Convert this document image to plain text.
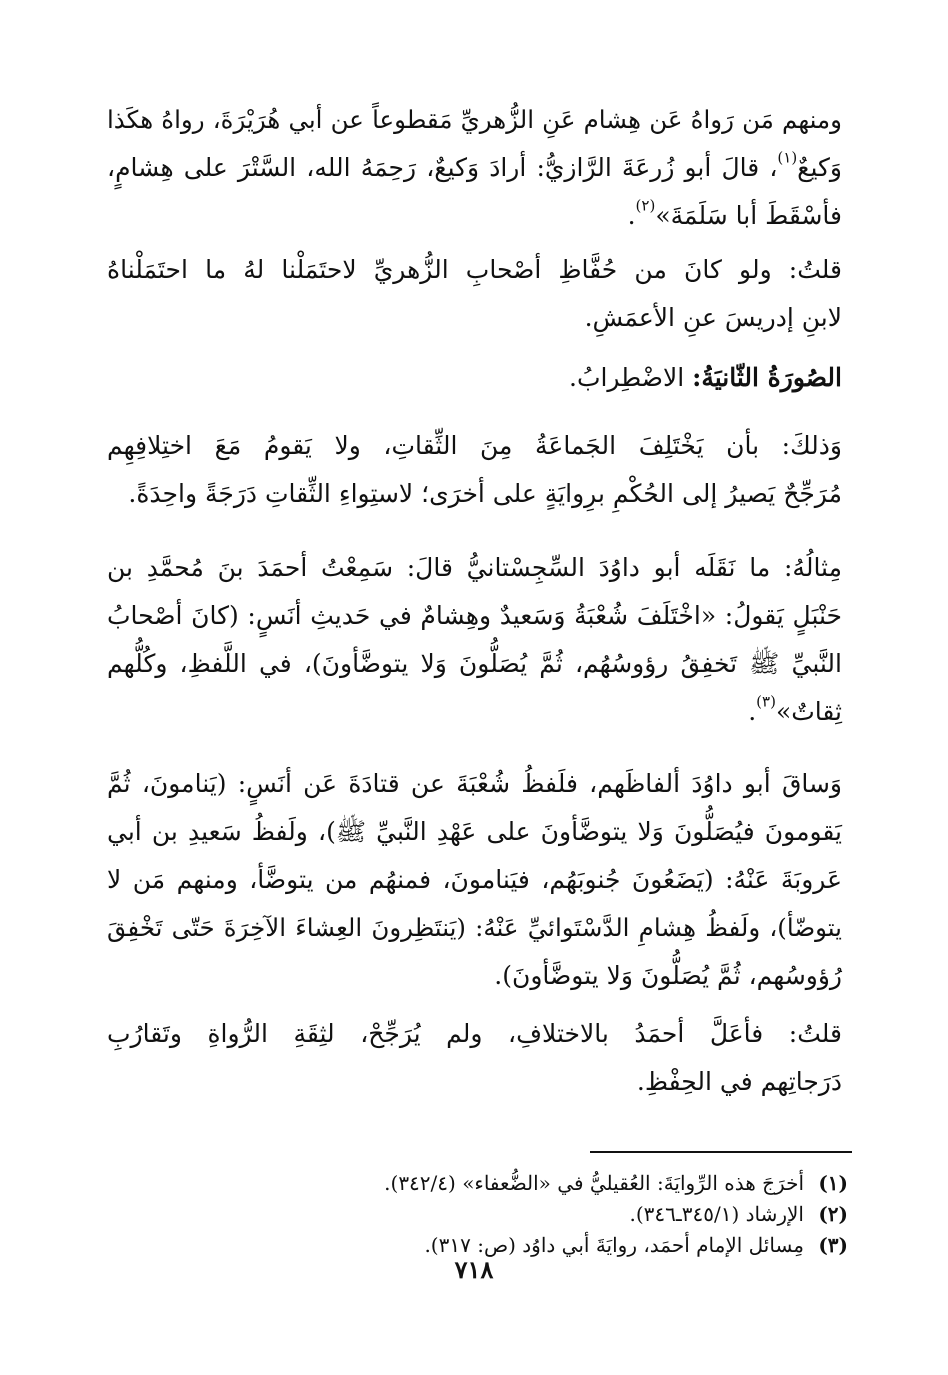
ومنهم مَن رَواهُ عَن هِشام عَنِ الزُّهريِّ مَقطوعاً عن أبي هُرَيْرَةَ، رواهُ هكَذا
وَكيعٌ$^{(١)}$، قالَ أبو زُرعَةَ الرَّازيُّ: أرادَ وَكيعٌ، رَحِمَهُ الله، السَّتْرَ على هِشامٍ،
فأسْقَطَ أبا سَلَمَةَ»$^{(٢)}$.
قلتُ: ولو كانَ من حُفَّاظِ أصْحابِ الزُّهريِّ لاحتَمَلْنا لهُ ما احتَمَلْناهُ
لابنِ إدريسَ عنِ الأعمَشِ.
الصُورَةُ الثّانيَةُ: الاضْطِرابُ.
وَذلكَ: بأن يَخْتَلِفَ الجَماعَةُ مِنَ الثِّقاتِ، ولا يَقومُ مَعَ اختِلافِهِم
مُرَجِّحٌ يَصيرُ إلى الحُكْمِ برِوايَةٍ على أخرَى؛ لاستِواءِ الثِّقاتِ دَرَجَةً واحِدَةً.
مِثالُهُ: ما نَقَلَه أبو داوُدَ السِّجِسْتانيُّ قالَ: سَمِعْتُ أحمَدَ بنَ مُحمَّدِ بن
حَنْبَلٍ يَقولُ: «اخْتَلَفَ شُعْبَةُ وَسَعيدٌ وهِشامٌ في حَديثِ أنَسٍ: (كانَ أصْحابُ
النَّبيِّ ﷺ تَخفِقُ رؤوسُهُم، ثُمَّ يُصَلُّونَ وَلا يتوضَّأونَ)، في اللَّفظِ، وكُلُّهم
ثِقاتٌ»$^{(٣)}$.
وَساقَ أبو داوُدَ ألفاظَهم، فلَفظُ شُعْبَةَ عن قتادَةَ عَن أنَسٍ: (يَنامونَ، ثُمَّ
يَقومونَ فيُصَلُّونَ وَلا يتوضَّأونَ على عَهْدِ النَّبيِّ ﷺ)، ولَفظُ سَعيدِ بن أبي
عَروبَةَ عَنْهُ: (يَضَعُونَ جُنوبَهُم، فيَنامونَ، فمنهُم من يتوضَّأ، ومنهم مَن لا
يتوضّأ)، ولَفظُ هِشامِ الدَّسْتَوائيِّ عَنْهُ: (يَنتَظِرونَ العِشاءَ الآخِرَةَ حَتّى تَخْفِقَ
رُؤوسُهم، ثُمَّ يُصَلُّونَ وَلا يتوضَّأونَ).
قلتُ: فأعَلَّ أحمَدُ بالاختلافِ، ولم يُرَجِّحْ، لثِقَةِ الرُّواةِ وتَقارُبِ
دَرَجاتِهم في الحِفْظِ.
(١)
أخرَجَ هذه الرِّوايَةَ: العُقيليُّ في «الضُّعفاء» (٣٤٢/٤).
(٢)
الإرشاد (٣٤٥/١ـ٣٤٦).
(٣)
مِسائل الإمام أحمَد، روايَةَ أبي داوُد (ص: ٣١٧).
٧١٨
